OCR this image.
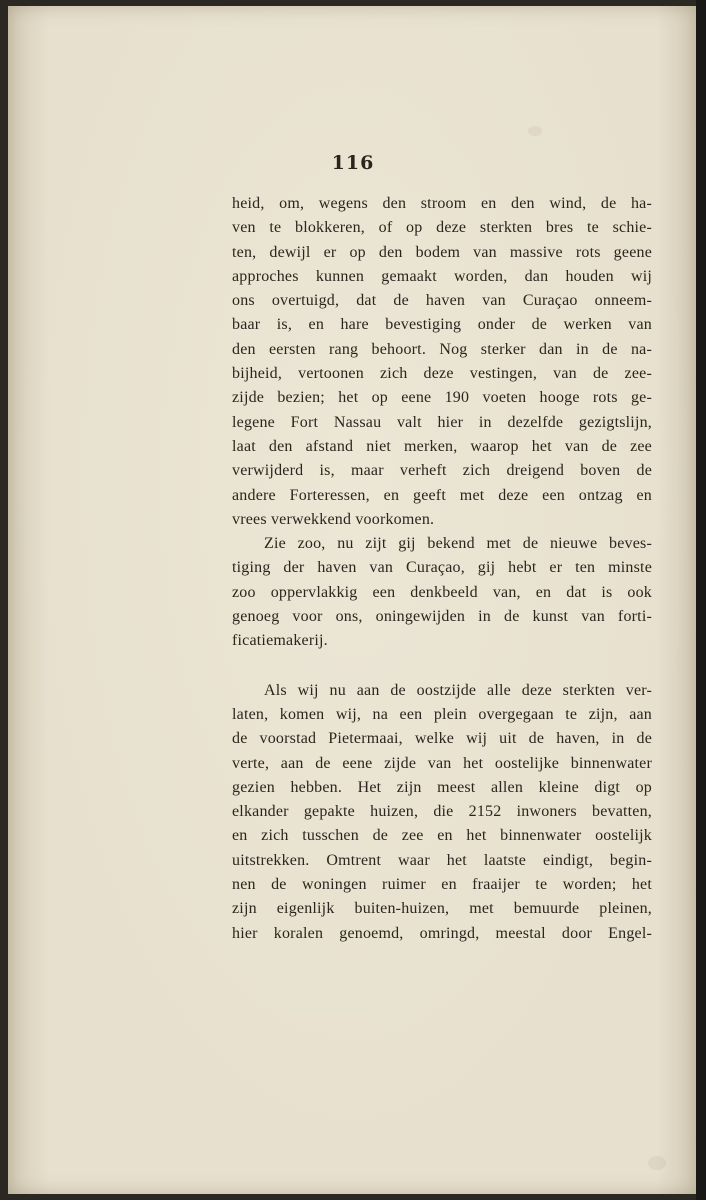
116
heid, om, wegens den stroom en den wind, de ha-
ven te blokkeren, of op deze sterkten bres te schie-
ten, dewijl er op den bodem van massive rots geene
approches kunnen gemaakt worden, dan houden wij
ons overtuigd, dat de haven van Curaçao onneem-
baar is, en hare bevestiging onder de werken van
den eersten rang behoort. Nog sterker dan in de na-
bijheid, vertoonen zich deze vestingen, van de zee-
zijde bezien; het op eene 190 voeten hooge rots ge-
legene Fort Nassau valt hier in dezelfde gezigtslijn,
laat den afstand niet merken, waarop het van de zee
verwijderd is, maar verheft zich dreigend boven de
andere Forteressen, en geeft met deze een ontzag en
vrees verwekkend voorkomen.
Zie zoo, nu zijt gij bekend met de nieuwe beves-
tiging der haven van Curaçao, gij hebt er ten minste
zoo oppervlakkig een denkbeeld van, en dat is ook
genoeg voor ons, oningewijden in de kunst van forti-
ficatiemakerij.
Als wij nu aan de oostzijde alle deze sterkten ver-
laten, komen wij, na een plein overgegaan te zijn, aan
de voorstad Pietermaai, welke wij uit de haven, in de
verte, aan de eene zijde van het oostelijke binnenwater
gezien hebben. Het zijn meest allen kleine digt op
elkander gepakte huizen, die 2152 inwoners bevatten,
en zich tusschen de zee en het binnenwater oostelijk
uitstrekken. Omtrent waar het laatste eindigt, begin-
nen de woningen ruimer en fraaijer te worden; het
zijn eigenlijk buiten-huizen, met bemuurde pleinen,
hier koralen genoemd, omringd, meestal door Engel-
